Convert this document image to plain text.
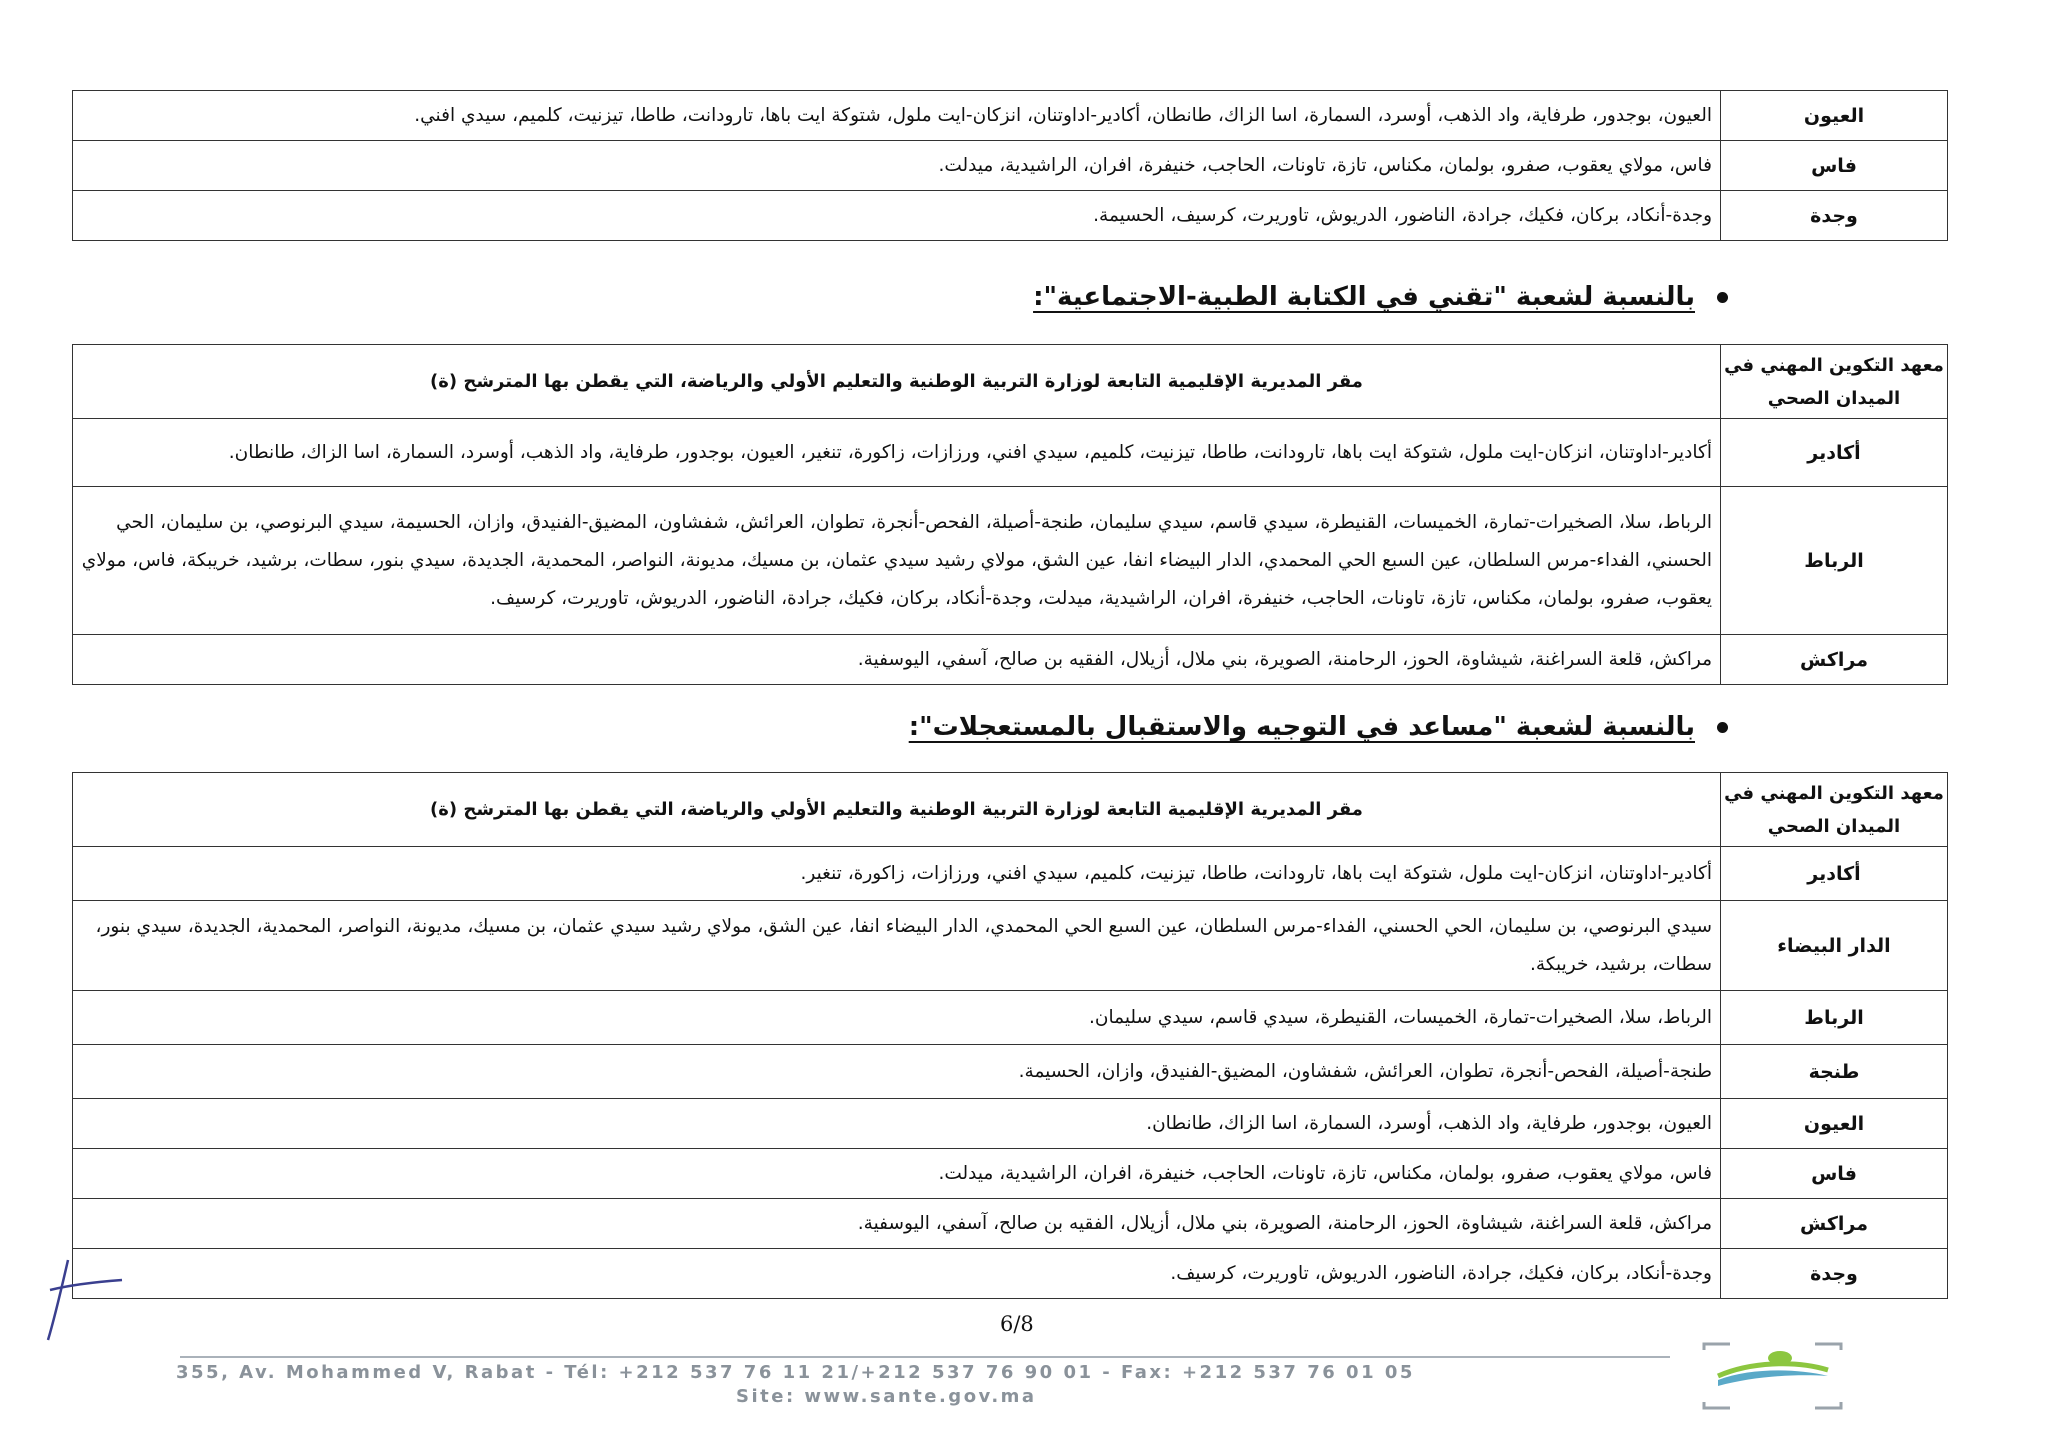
العيون	العيون، بوجدور، طرفاية، واد الذهب، أوسرد، السمارة، اسا الزاك، طانطان، أكادير-اداوتنان، انزكان-ايت ملول، شتوكة ايت باها، تارودانت، طاطا، تيزنيت، كلميم، سيدي افني.
فاس	فاس، مولاي يعقوب، صفرو، بولمان، مكناس، تازة، تاونات، الحاجب، خنيفرة، افران، الراشيدية، ميدلت.
وجدة	وجدة-أنكاد، بركان، فكيك، جرادة، الناضور، الدريوش، تاوريرت، كرسيف، الحسيمة.
بالنسبة لشعبة "تقني في الكتابة الطبية-الاجتماعية":
معهد التكوين المهني في الميدان الصحي	مقر المديرية الإقليمية التابعة لوزارة التربية الوطنية والتعليم الأولي والرياضة، التي يقطن بها المترشح (ة)
أكادير	أكادير-اداوتنان، انزكان-ايت ملول، شتوكة ايت باها، تارودانت، طاطا، تيزنيت، كلميم، سيدي افني، ورزازات، زاكورة، تنغير، العيون، بوجدور، طرفاية، واد الذهب، أوسرد، السمارة، اسا الزاك، طانطان.
الرباط	الرباط، سلا، الصخيرات-تمارة، الخميسات، القنيطرة، سيدي قاسم، سيدي سليمان، طنجة-أصيلة، الفحص-أنجرة، تطوان، العرائش، شفشاون، المضيق-الفنيدق، وازان، الحسيمة، سيدي البرنوصي، بن سليمان، الحي الحسني، الفداء-مرس السلطان، عين السبع الحي المحمدي، الدار البيضاء انفا، عين الشق، مولاي رشيد سيدي عثمان، بن مسيك، مديونة، النواصر، المحمدية، الجديدة، سيدي بنور، سطات، برشيد، خريبكة، فاس، مولاي يعقوب، صفرو، بولمان، مكناس، تازة، تاونات، الحاجب، خنيفرة، افران، الراشيدية، ميدلت، وجدة-أنكاد، بركان، فكيك، جرادة، الناضور، الدريوش، تاوريرت، كرسيف.
مراكش	مراكش، قلعة السراغنة، شيشاوة، الحوز، الرحامنة، الصويرة، بني ملال، أزيلال، الفقيه بن صالح، آسفي، اليوسفية.
بالنسبة لشعبة "مساعد في التوجيه والاستقبال بالمستعجلات":
معهد التكوين المهني في الميدان الصحي	مقر المديرية الإقليمية التابعة لوزارة التربية الوطنية والتعليم الأولي والرياضة، التي يقطن بها المترشح (ة)
أكادير	أكادير-اداوتنان، انزكان-ايت ملول، شتوكة ايت باها، تارودانت، طاطا، تيزنيت، كلميم، سيدي افني، ورزازات، زاكورة، تنغير.
الدار البيضاء	سيدي البرنوصي، بن سليمان، الحي الحسني، الفداء-مرس السلطان، عين السبع الحي المحمدي، الدار البيضاء انفا، عين الشق، مولاي رشيد سيدي عثمان، بن مسيك، مديونة، النواصر، المحمدية، الجديدة، سيدي بنور، سطات، برشيد، خريبكة.
الرباط	الرباط، سلا، الصخيرات-تمارة، الخميسات، القنيطرة، سيدي قاسم، سيدي سليمان.
طنجة	طنجة-أصيلة، الفحص-أنجرة، تطوان، العرائش، شفشاون، المضيق-الفنيدق، وازان، الحسيمة.
العيون	العيون، بوجدور، طرفاية، واد الذهب، أوسرد، السمارة، اسا الزاك، طانطان.
فاس	فاس، مولاي يعقوب، صفرو، بولمان، مكناس، تازة، تاونات، الحاجب، خنيفرة، افران، الراشيدية، ميدلت.
مراكش	مراكش، قلعة السراغنة، شيشاوة، الحوز، الرحامنة، الصويرة، بني ملال، أزيلال، الفقيه بن صالح، آسفي، اليوسفية.
وجدة	وجدة-أنكاد، بركان، فكيك، جرادة، الناضور، الدريوش، تاوريرت، كرسيف.
6/8
355, Av. Mohammed V, Rabat - Tél: +212 537 76 11 21/+212 537 76 90 01 - Fax: +212 537 76 01 05
Site: www.sante.gov.ma
